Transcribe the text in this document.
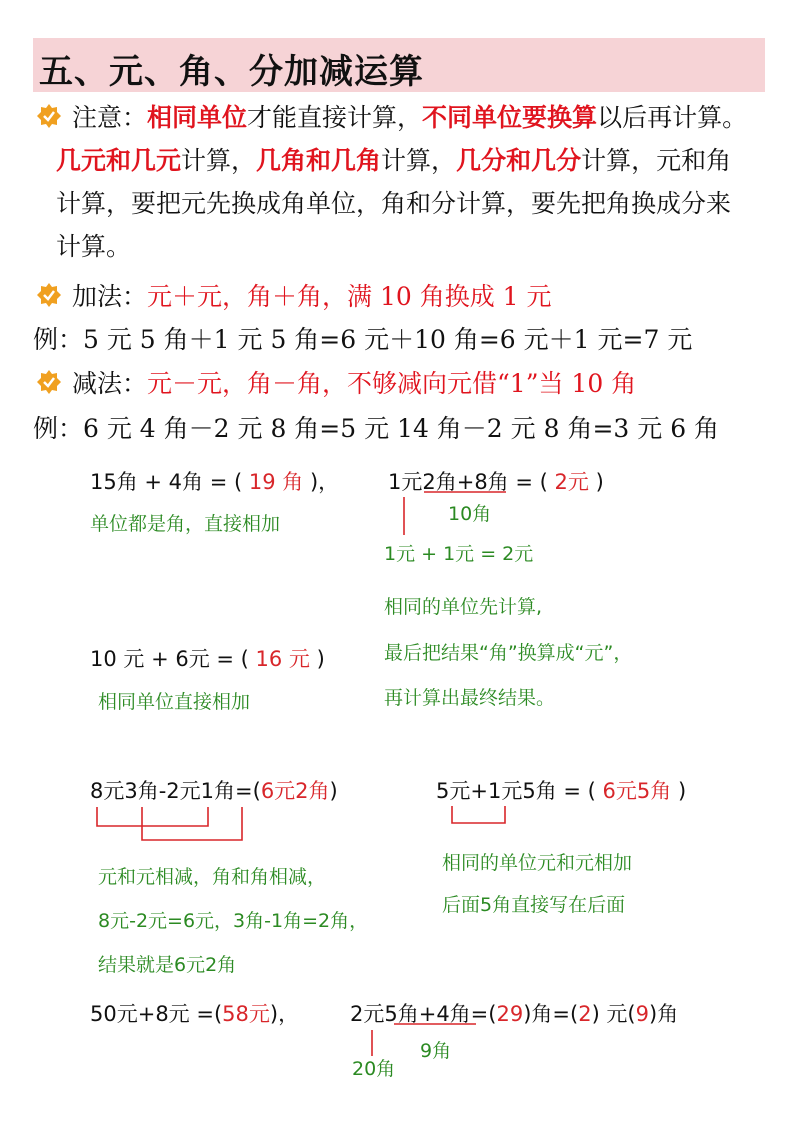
五、元、角、分加减运算
注意：相同单位才能直接计算，不同单位要换算以后再计算。
几元和几元计算，几角和几角计算，几分和几分计算，元和角
计算，要把元先换成角单位，角和分计算，要先把角换成分来
计算。
加法：元＋元，角＋角，满 10 角换成 1 元
例：5 元 5 角＋1 元 5 角=6 元＋10 角=6 元＋1 元=7 元
减法：元－元，角－角，不够减向元借“1”当 10 角
例：6 元 4 角－2 元 8 角=5 元 14 角－2 元 8 角=3 元 6 角
15角 + 4角 = ( 19 角 )，
单位都是角，直接相加
1元2角+8角 = ( 2元 )
10角
1元 + 1元 = 2元
相同的单位先计算,
最后把结果“角”换算成“元”，
再计算出最终结果。
10 元 + 6元 = ( 16 元 )
相同单位直接相加
8元3角-2元1角=(6元2角)
元和元相减，角和角相减，
8元-2元=6元，3角-1角=2角，
结果就是6元2角
5元+1元5角 = ( 6元5角 )
相同的单位元和元相加
后面5角直接写在后面
50元+8元 =(58元)， 2元5角+4角=(29)角=(2) 元(9)角
9角
20角
